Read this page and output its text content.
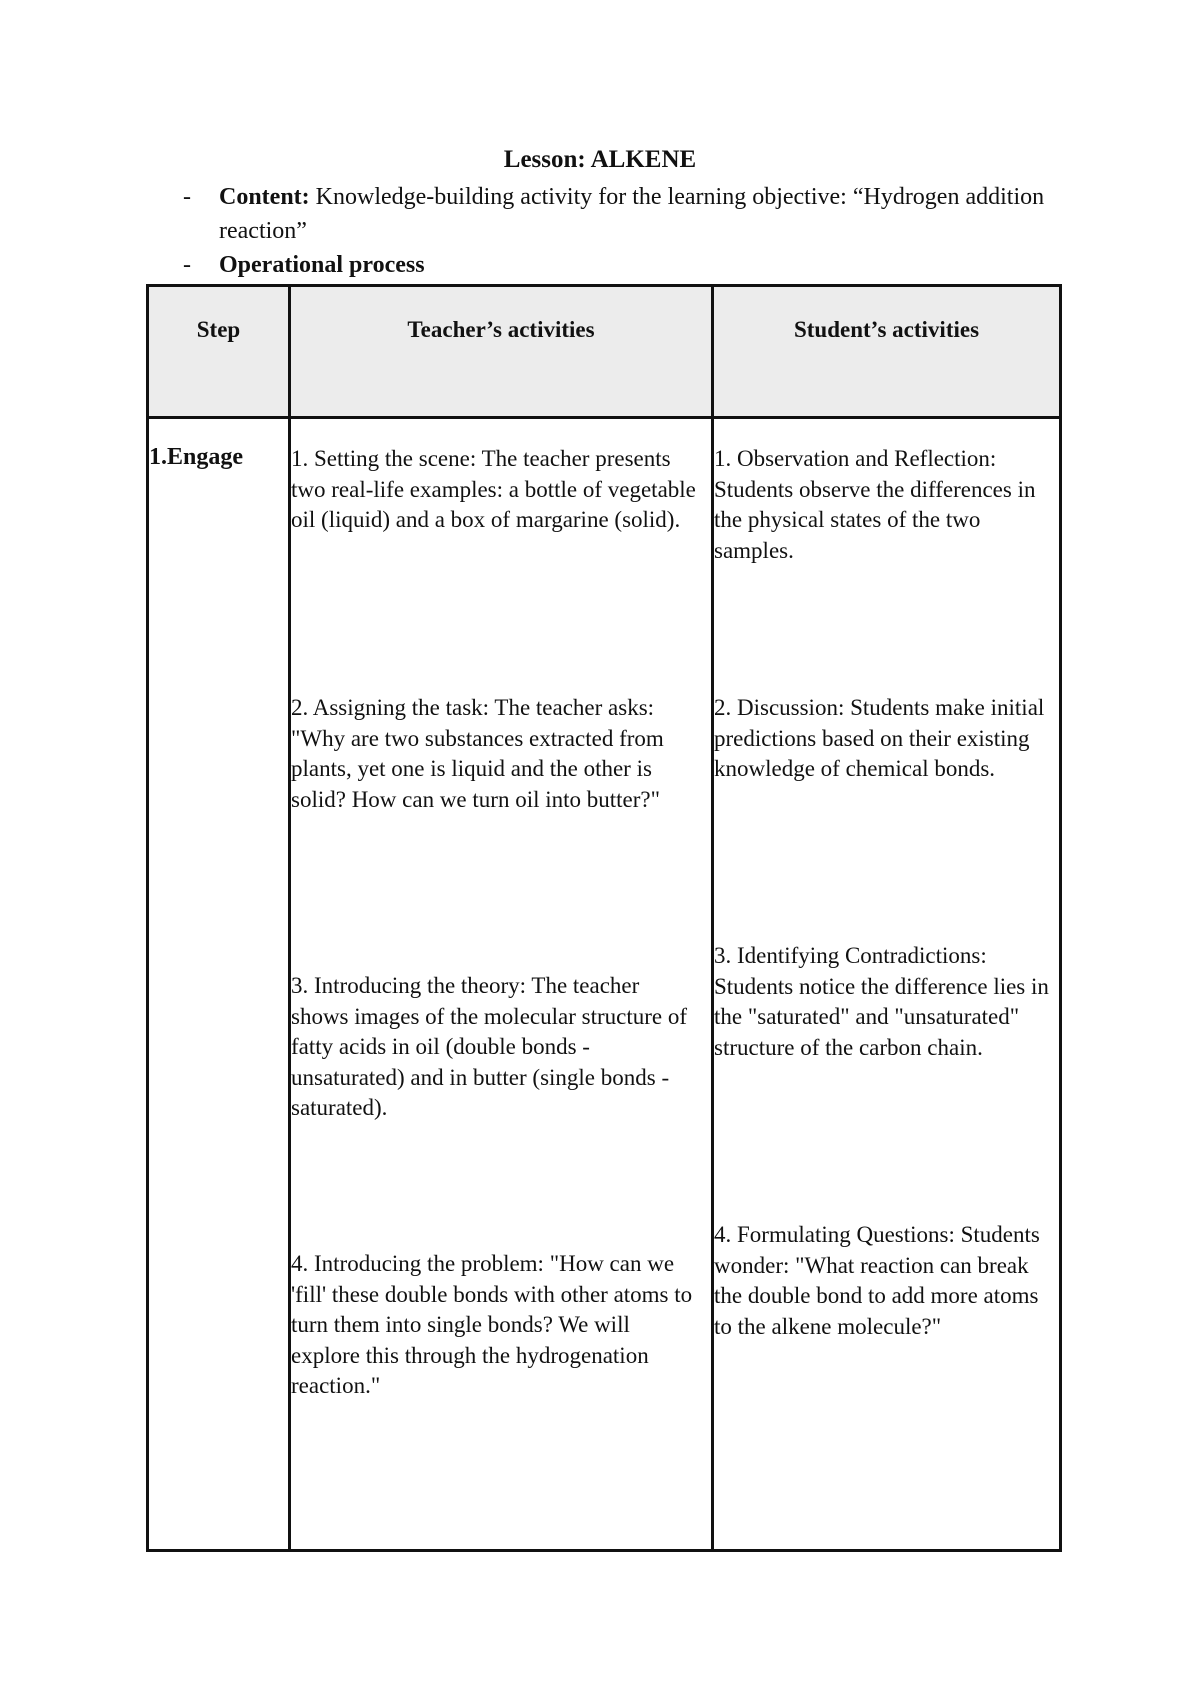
Lesson: ALKENE
- Content: Knowledge-building activity for the learning objective: “Hydrogen addition reaction”
- Operational process
Step	Teacher’s activities	Student’s activities
1.Engage 1. Setting the scene: The teacher presents two real-life examples: a bottle of vegetable oil (liquid) and a box of margarine (solid).
2. Assigning the task: The teacher asks: "Why are two substances extracted from plants, yet one is liquid and the other is solid? How can we turn oil into butter?"
3. Introducing the theory: The teacher shows images of the molecular structure of fatty acids in oil (double bonds - unsaturated) and in butter (single bonds - saturated).
4. Introducing the problem: "How can we 'fill' these double bonds with other atoms to turn them into single bonds? We will explore this through the hydrogenation reaction."
1. Observation and Reflection: Students observe the differences in the physical states of the two samples.
2. Discussion: Students make initial predictions based on their existing knowledge of chemical bonds.
3. Identifying Contradictions: Students notice the difference lies in the "saturated" and "unsaturated" structure of the carbon chain.
4. Formulating Questions: Students wonder: "What reaction can break the double bond to add more atoms to the alkene molecule?"
